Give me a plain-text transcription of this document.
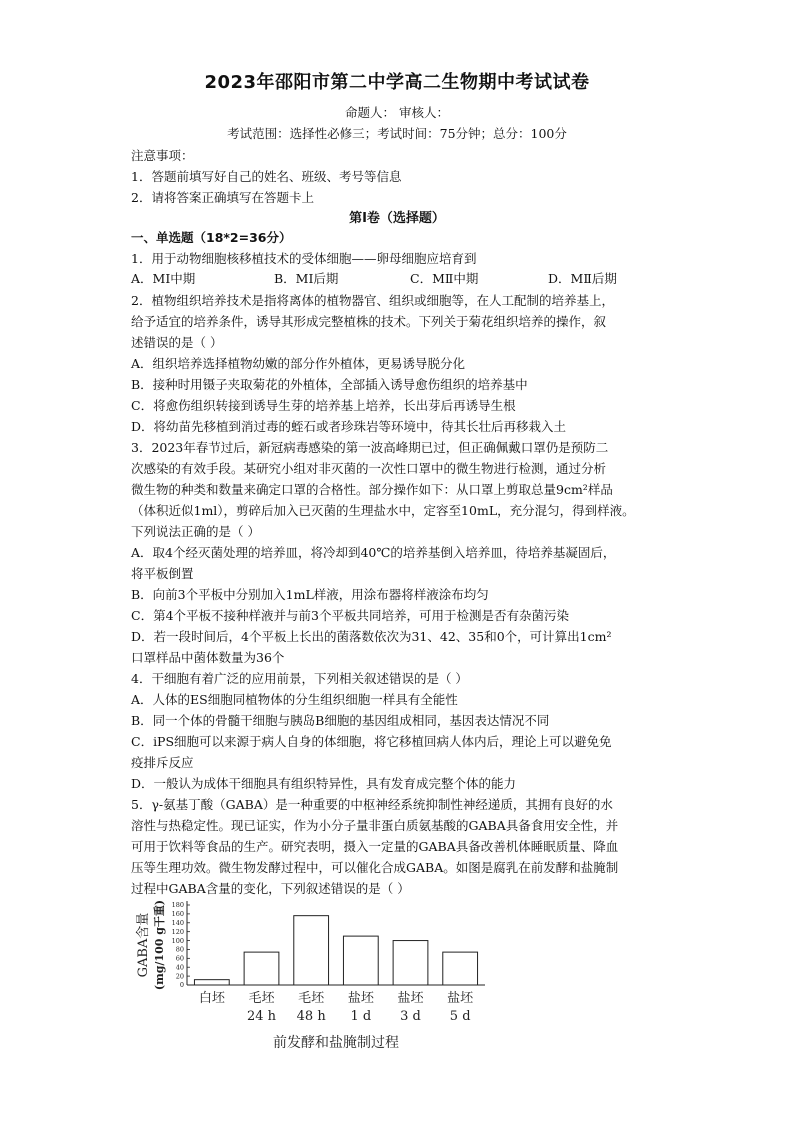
2023年邵阳市第二中学高二生物期中考试试卷
命题人： 审核人：
考试范围：选择性必修三；考试时间：75分钟；总分：100分
注意事项：
1．答题前填写好自己的姓名、班级、考号等信息
2．请将答案正确填写在答题卡上
第I卷（选择题）
一、单选题（18*2=36分）
1．用于动物细胞核移植技术的受体细胞——卵母细胞应培育到
A．MⅠ中期	B．MⅠ后期	C．MⅡ中期	D．MⅡ后期
2．植物组织培养技术是指将离体的植物器官、组织或细胞等，在人工配制的培养基上，
给予适宜的培养条件，诱导其形成完整植株的技术。下列关于菊花组织培养的操作，叙
述错误的是（ ）
A．组织培养选择植物幼嫩的部分作外植体，更易诱导脱分化
B．接种时用镊子夹取菊花的外植体，全部插入诱导愈伤组织的培养基中
C．将愈伤组织转接到诱导生芽的培养基上培养，长出芽后再诱导生根
D．将幼苗先移植到消过毒的蛭石或者珍珠岩等环境中，待其长壮后再移栽入土
3．2023年春节过后，新冠病毒感染的第一波高峰期已过，但正确佩戴口罩仍是预防二
次感染的有效手段。某研究小组对非灭菌的一次性口罩中的微生物进行检测，通过分析
微生物的种类和数量来确定口罩的合格性。部分操作如下：从口罩上剪取总量9cm²样品
（体积近似1ml），剪碎后加入已灭菌的生理盐水中，定容至10mL，充分混匀，得到样液。
下列说法正确的是（ ）
A．取4个经灭菌处理的培养皿，将冷却到40℃的培养基倒入培养皿，待培养基凝固后，
将平板倒置
B．向前3个平板中分别加入1mL样液，用涂布器将样液涂布均匀
C．第4个平板不接种样液并与前3个平板共同培养，可用于检测是否有杂菌污染
D．若一段时间后，4个平板上长出的菌落数依次为31、42、35和0个，可计算出1cm²
口罩样品中菌体数量为36个
4．干细胞有着广泛的应用前景，下列相关叙述错误的是（ ）
A．人体的ES细胞同植物体的分生组织细胞一样具有全能性
B．同一个体的骨髓干细胞与胰岛B细胞的基因组成相同，基因表达情况不同
C．iPS细胞可以来源于病人自身的体细胞，将它移植回病人体内后，理论上可以避免免
疫排斥反应
D．一般认为成体干细胞具有组织特异性，具有发育成完整个体的能力
5．γ-氨基丁酸（GABA）是一种重要的中枢神经系统抑制性神经递质，其拥有良好的水
溶性与热稳定性。现已证实，作为小分子量非蛋白质氨基酸的GABA具备食用安全性，并
可用于饮料等食品的生产。研究表明，摄入一定量的GABA具备改善机体睡眠质量、降血
压等生理功效。微生物发酵过程中，可以催化合成GABA。如图是腐乳在前发酵和盐腌制
过程中GABA含量的变化，下列叙述错误的是（ ）
0
20
40
60
80
100
120
140
160
180
GABA含量 (mg/100 g干重)
白坯 毛坯
24 h
毛坯
48 h
盐坯
1 d
盐坯
3 d
盐坯
5 d
前发酵和盐腌制过程
